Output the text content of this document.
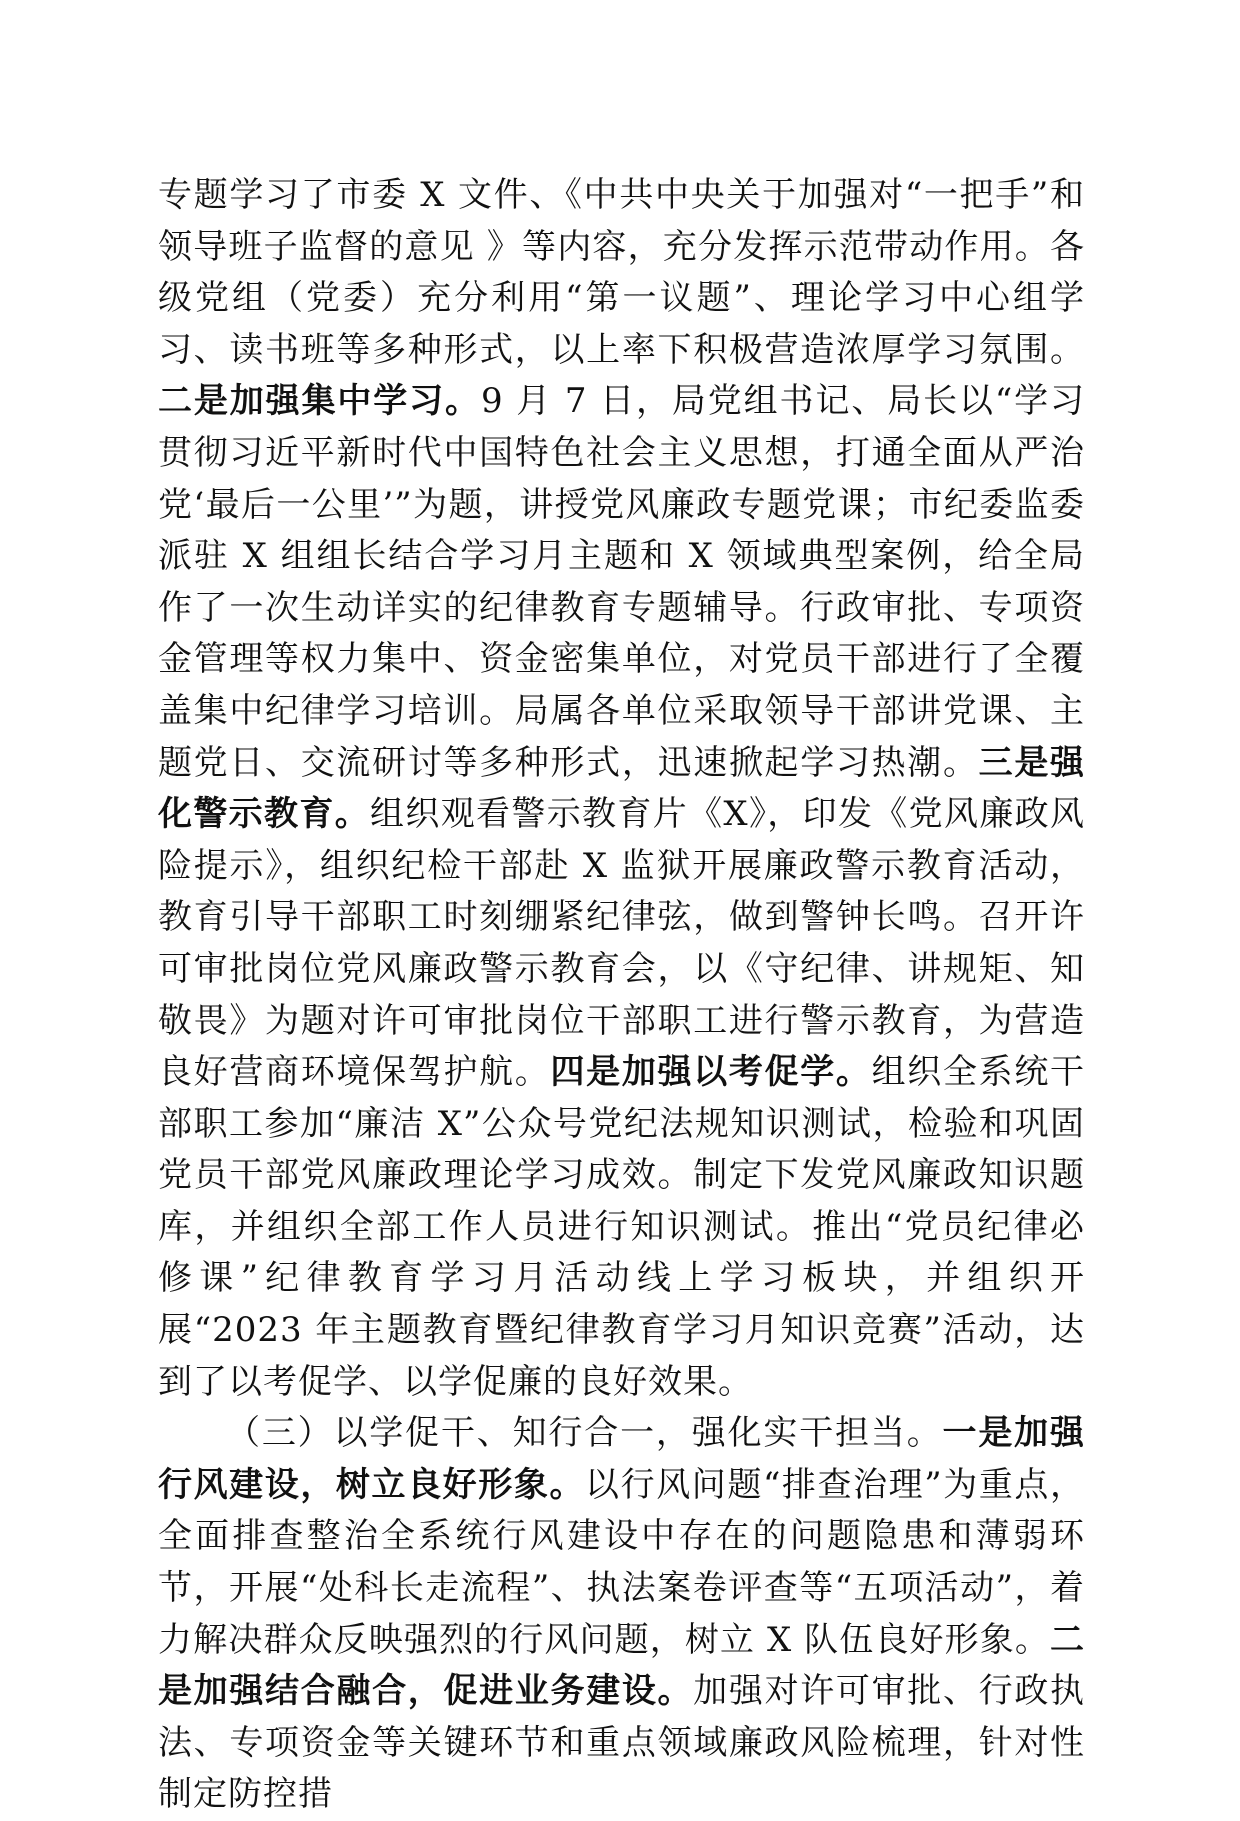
专题学习了市委 X 文件、《中共中央关于加强对“一把手”和领导班子监督的意见 》等内容，充分发挥示范带动作用。各级党组（党委）充分利用“第一议题”、理论学习中心组学习、读书班等多种形式，以上率下积极营造浓厚学习氛围。二是加强集中学习。9 月 7 日，局党组书记、局长以“学习贯彻习近平新时代中国特色社会主义思想，打通全面从严治党‘最后一公里’”为题，讲授党风廉政专题党课；市纪委监委派驻 X 组组长结合学习月主题和 X 领域典型案例，给全局作了一次生动详实的纪律教育专题辅导。行政审批、专项资金管理等权力集中、资金密集单位，对党员干部进行了全覆盖集中纪律学习培训。局属各单位采取领导干部讲党课、主题党日、交流研讨等多种形式，迅速掀起学习热潮。三是强化警示教育。组织观看警示教育片《X》，印发《党风廉政风险提示》，组织纪检干部赴 X 监狱开展廉政警示教育活动，教育引导干部职工时刻绷紧纪律弦，做到警钟长鸣。召开许可审批岗位党风廉政警示教育会，以《守纪律、讲规矩、知敬畏》为题对许可审批岗位干部职工进行警示教育，为营造良好营商环境保驾护航。四是加强以考促学。组织全系统干部职工参加“廉洁 X”公众号党纪法规知识测试，检验和巩固党员干部党风廉政理论学习成效。制定下发党风廉政知识题库，并组织全部工作人员进行知识测试。推出“党员纪律必修课”纪律教育学习月活动线上学习板块，并组织开展“2023 年主题教育暨纪律教育学习月知识竞赛”活动，达到了以考促学、以学促廉的良好效果。

（三）以学促干、知行合一，强化实干担当。一是加强行风建设，树立良好形象。以行风问题“排查治理”为重点，全面排查整治全系统行风建设中存在的问题隐患和薄弱环节，开展“处科长走流程”、执法案卷评查等“五项活动”，着力解决群众反映强烈的行风问题，树立 X 队伍良好形象。二是加强结合融合，促进业务建设。加强对许可审批、行政执法、专项资金等关键环节和重点领域廉政风险梳理，针对性制定防控措
